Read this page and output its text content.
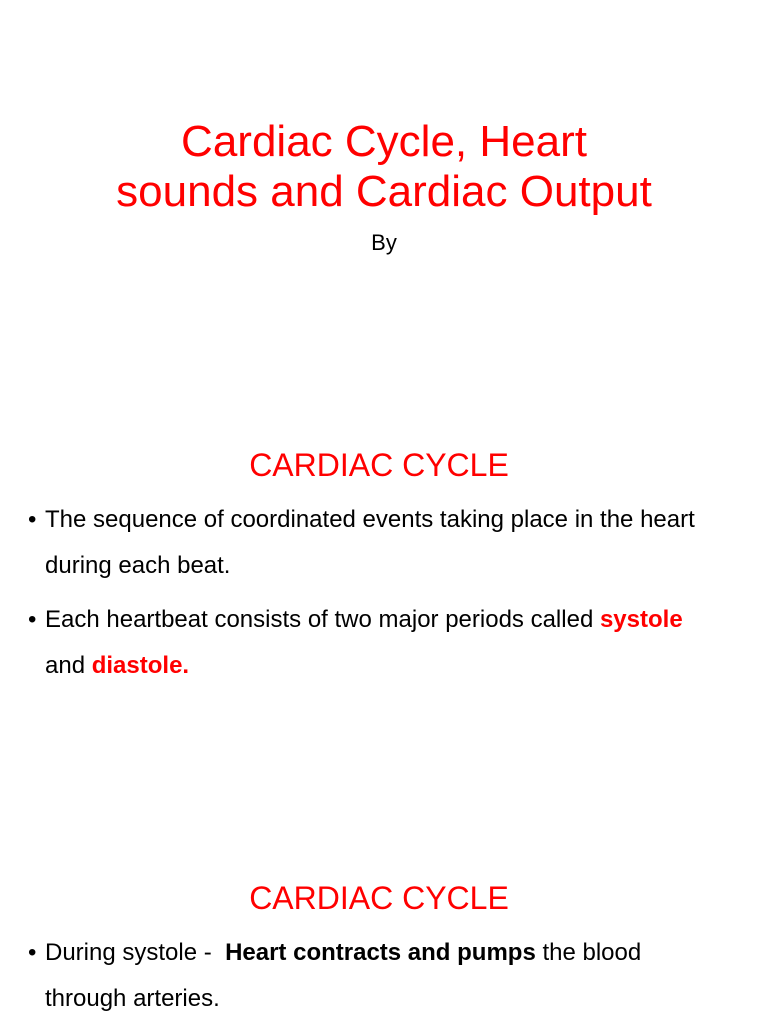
Cardiac Cycle, Heart
sounds and Cardiac Output
By
CARDIAC CYCLE
• The sequence of coordinated events taking place in the heart
during each beat.
• Each heartbeat consists of two major periods called systole
and diastole.
CARDIAC CYCLE
• During systole -  Heart contracts and pumps the blood
through arteries.
